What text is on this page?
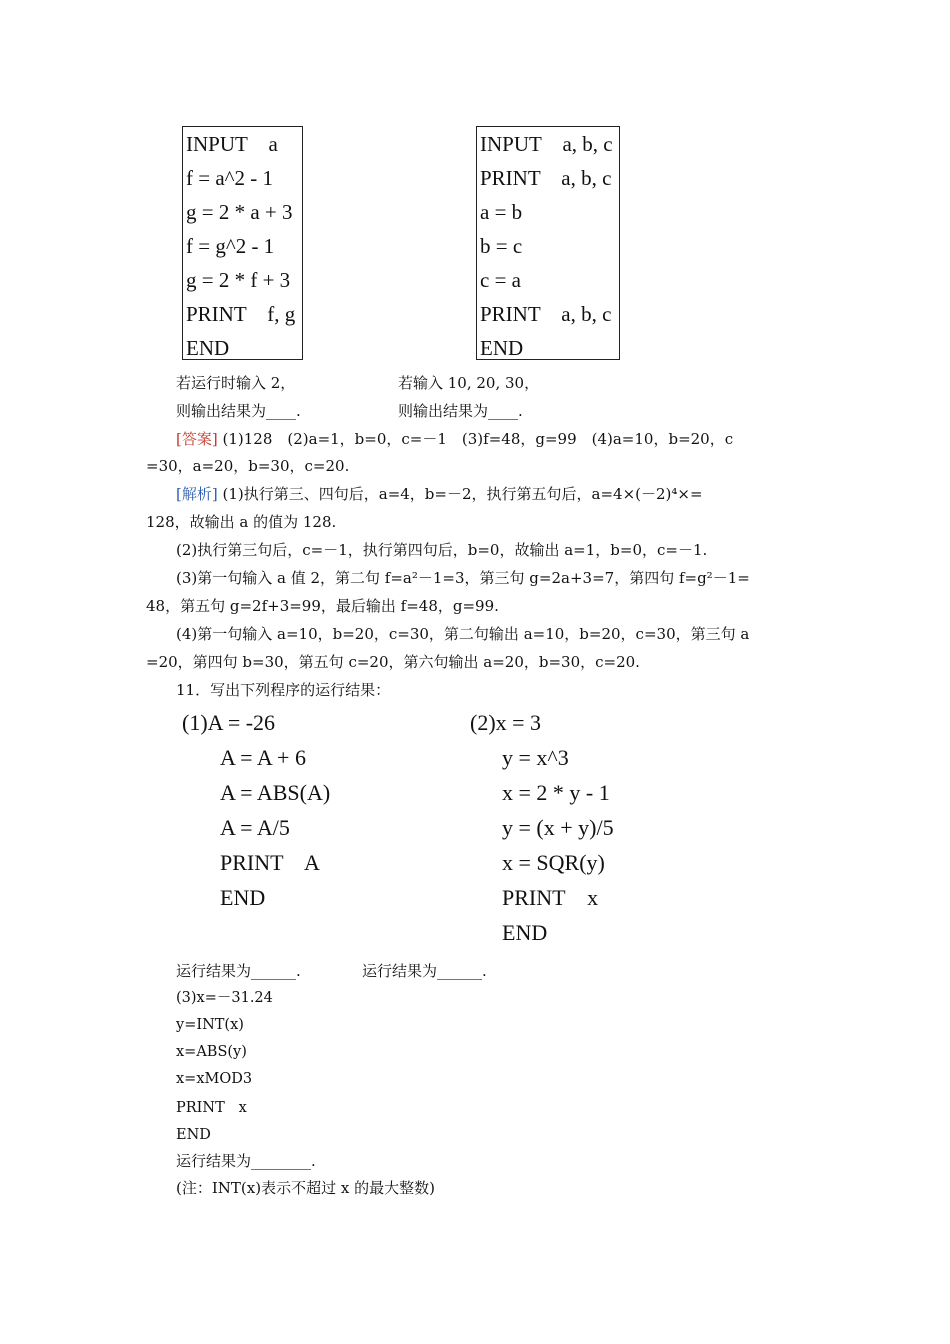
INPUT    a
f = a^2 - 1
g = 2 * a + 3
f = g^2 - 1
g = 2 * f + 3
PRINT    f, g
END
INPUT    a, b, c
PRINT    a, b, c
a = b
b = c
c = a
PRINT    a, b, c
END
若运行时输入 2，	若输入 10, 20, 30，
则输出结果为____.	则输出结果为____.
[答案] (1)128　(2)a=1，b=0，c=－1　(3)f=48，g=99　(4)a=10，b=20，c
=30，a=20，b=30，c=20.
[解析] (1)执行第三、四句后，a=4，b=－2，执行第五句后，a=4×(－2)⁴×=
128，故输出 a 的值为 128.
(2)执行第三句后，c=－1，执行第四句后，b=0，故输出 a=1，b=0，c=－1.
(3)第一句输入 a 值 2，第二句 f=a²－1=3，第三句 g=2a+3=7，第四句 f=g²－1=
48，第五句 g=2f+3=99，最后输出 f=48，g=99.
(4)第一句输入 a=10，b=20，c=30，第二句输出 a=10，b=20，c=30，第三句 a
=20，第四句 b=30，第五句 c=20，第六句输出 a=20，b=30，c=20.
11．写出下列程序的运行结果：
(1)A = -26
A = A + 6
A = ABS(A)
A = A/5
PRINT    A
END
(2)x = 3
y = x^3
x = 2 * y - 1
y = (x + y)/5
x = SQR(y)
PRINT    x
END
运行结果为______.	运行结果为______.
(3)x=－31.24
y=INT(x)
x=ABS(y)
x=xMOD3
PRINT   x
END
运行结果为________.
(注：INT(x)表示不超过 x 的最大整数)
